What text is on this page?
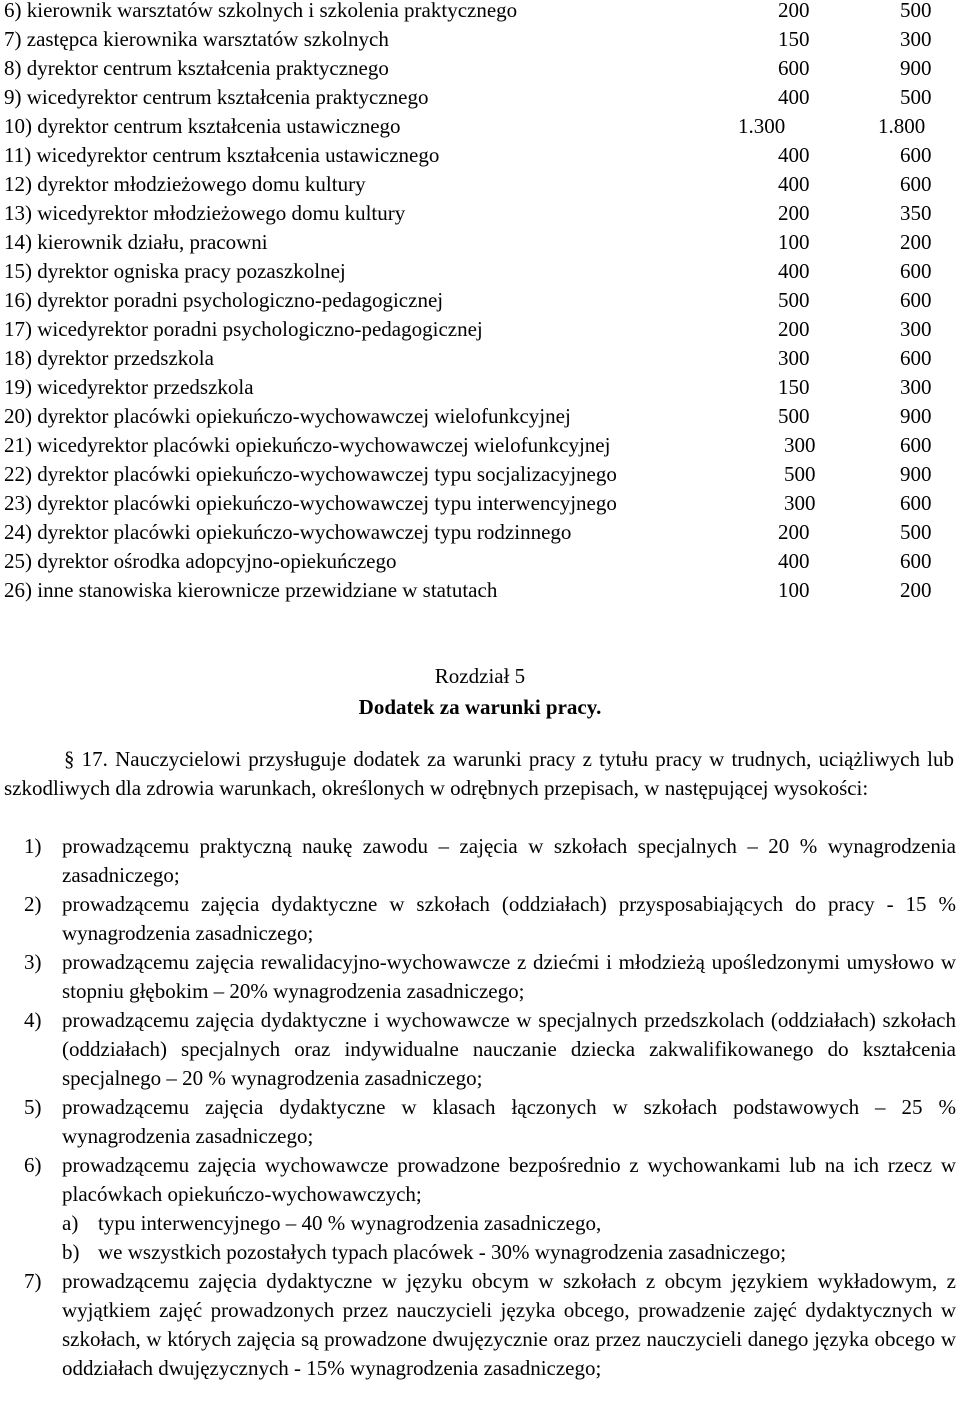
6) kierownik warsztatów szkolnych i szkolenia praktycznego	200	500
7) zastępca kierownika warsztatów szkolnych	150	300
8) dyrektor centrum kształcenia praktycznego	600	900
9) wicedyrektor centrum kształcenia praktycznego	400	500
10) dyrektor centrum kształcenia ustawicznego	1.300	1.800
11) wicedyrektor centrum kształcenia ustawicznego	400	600
12) dyrektor młodzieżowego domu kultury	400	600
13) wicedyrektor młodzieżowego domu kultury	200	350
14) kierownik działu, pracowni	100	200
15) dyrektor ogniska pracy pozaszkolnej	400	600
16) dyrektor poradni psychologiczno-pedagogicznej	500	600
17) wicedyrektor poradni psychologiczno-pedagogicznej	200	300
18) dyrektor przedszkola	300	600
19) wicedyrektor przedszkola	150	300
20) dyrektor placówki opiekuńczo-wychowawczej wielofunkcyjnej	500	900
21) wicedyrektor placówki opiekuńczo-wychowawczej wielofunkcyjnej	300	600
22) dyrektor placówki opiekuńczo-wychowawczej typu socjalizacyjnego	500	900
23) dyrektor placówki opiekuńczo-wychowawczej typu interwencyjnego	300	600
24) dyrektor placówki opiekuńczo-wychowawczej typu rodzinnego	200	500
25) dyrektor ośrodka adopcyjno-opiekuńczego	400	600
26) inne stanowiska kierownicze przewidziane w statutach	100	200
Rozdział 5
Dodatek za warunki pracy.

§ 17. Nauczycielowi przysługuje dodatek za warunki pracy z tytułu pracy w trudnych, uciążliwych lub szkodliwych dla zdrowia warunkach, określonych w odrębnych przepisach, w następującej wysokości:

1) prowadzącemu praktyczną naukę zawodu – zajęcia w szkołach specjalnych – 20 % wynagrodzenia zasadniczego;
2) prowadzącemu zajęcia dydaktyczne w szkołach (oddziałach) przysposabiających do pracy - 15 % wynagrodzenia zasadniczego;
3) prowadzącemu zajęcia rewalidacyjno-wychowawcze z dziećmi i młodzieżą upośledzonymi umysłowo w stopniu głębokim – 20% wynagrodzenia zasadniczego;
4) prowadzącemu zajęcia dydaktyczne i wychowawcze w specjalnych przedszkolach (oddziałach) szkołach (oddziałach) specjalnych oraz indywidualne nauczanie dziecka zakwalifikowanego do kształcenia specjalnego – 20 % wynagrodzenia zasadniczego;
5) prowadzącemu zajęcia dydaktyczne w klasach łączonych w szkołach podstawowych – 25 % wynagrodzenia zasadniczego;
6) prowadzącemu zajęcia wychowawcze prowadzone bezpośrednio z wychowankami lub na ich rzecz w placówkach opiekuńczo-wychowawczych;
a) typu interwencyjnego – 40 % wynagrodzenia zasadniczego,
b) we wszystkich pozostałych typach placówek - 30% wynagrodzenia zasadniczego;
7) prowadzącemu zajęcia dydaktyczne w języku obcym w szkołach z obcym językiem wykładowym, z wyjątkiem zajęć prowadzonych przez nauczycieli języka obcego, prowadzenie zajęć dydaktycznych w szkołach, w których zajęcia są prowadzone dwujęzycznie oraz przez nauczycieli danego języka obcego w oddziałach dwujęzycznych - 15% wynagrodzenia zasadniczego;
